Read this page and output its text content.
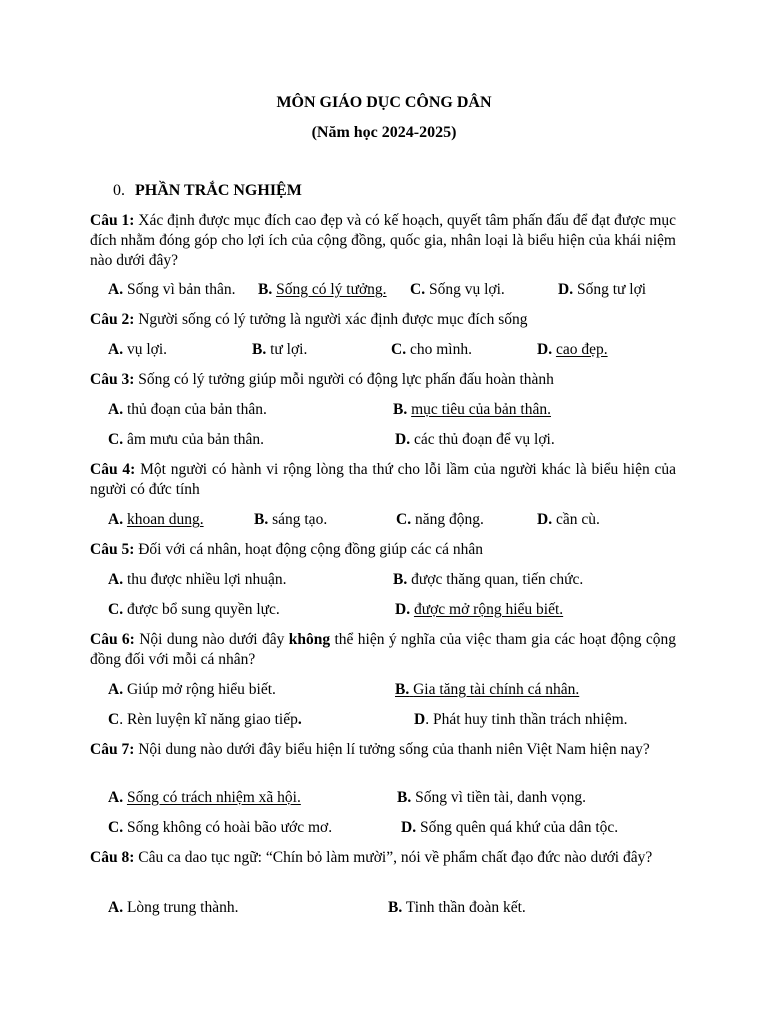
MÔN GIÁO DỤC CÔNG DÂN
(Năm học 2024-2025)
0. PHẦN TRẮC NGHIỆM
Câu 1: Xác định được mục đích cao đẹp và có kế hoạch, quyết tâm phấn đấu để đạt được mục đích nhằm đóng góp cho lợi ích của cộng đồng, quốc gia, nhân loại là biểu hiện của khái niệm nào dưới đây?
A. Sống vì bản thân. B. Sống có lý tưởng. C. Sống vụ lợi.	D. Sống tư lợi
Câu 2: Người sống có lý tưởng là người xác định được mục đích sống
A. vụ lợi.	B. tư lợi.	C. cho mình.	D. cao đẹp.
Câu 3: Sống có lý tưởng giúp mỗi người có động lực phấn đấu hoàn thành
A. thủ đoạn của bản thân.	B. mục tiêu của bản thân.
C. âm mưu của bản thân.	D. các thủ đoạn để vụ lợi.
Câu 4: Một người có hành vi rộng lòng tha thứ cho lỗi lầm của người khác là biểu hiện của người có đức tính
A. khoan dung.	B. sáng tạo.	C. năng động.	D. cần cù.
Câu 5: Đối với cá nhân, hoạt động cộng đồng giúp các cá nhân
A. thu được nhiều lợi nhuận.	B. được thăng quan, tiến chức.
C. được bổ sung quyền lực.	D. được mở rộng hiểu biết.
Câu 6: Nội dung nào dưới đây không thể hiện ý nghĩa của việc tham gia các hoạt động cộng đồng đối với mỗi cá nhân?
A. Giúp mở rộng hiểu biết.	B. Gia tăng tài chính cá nhân.
C. Rèn luyện kĩ năng giao tiếp.	D. Phát huy tinh thần trách nhiệm.
Câu 7: Nội dung nào dưới đây biểu hiện lí tưởng sống của thanh niên Việt Nam hiện nay?
A. Sống có trách nhiệm xã hội.	B. Sống vì tiền tài, danh vọng.
C. Sống không có hoài bão ước mơ.	D. Sống quên quá khứ của dân tộc.
Câu 8: Câu ca dao tục ngữ: “Chín bỏ làm mười”, nói về phẩm chất đạo đức nào dưới đây?
A. Lòng trung thành.	B. Tinh thần đoàn kết.
